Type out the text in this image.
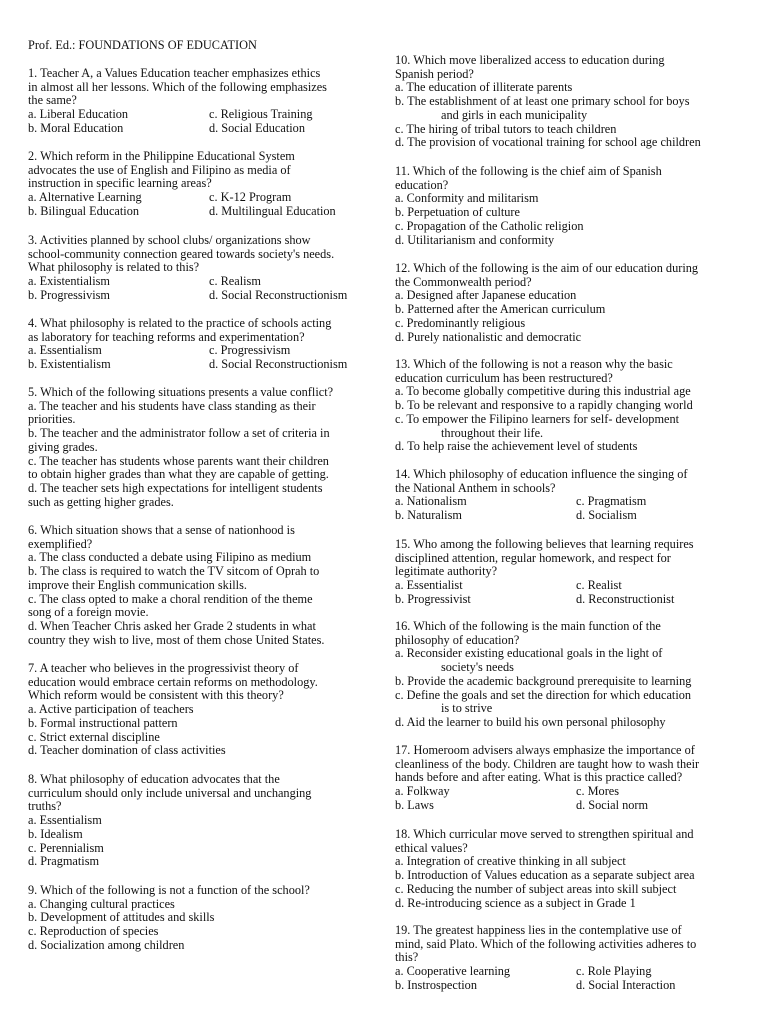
Prof. Ed.: FOUNDATIONS OF EDUCATION
1. Teacher A, a Values Education teacher emphasizes ethics
in almost all her lessons. Which of the following emphasizes
the same?
a. Liberal Education	c. Religious Training
b. Moral Education	d. Social Education
2. Which reform in the Philippine Educational System
advocates the use of English and Filipino as media of
instruction in specific learning areas?
a. Alternative Learning	c. K-12 Program
b. Bilingual Education	d. Multilingual Education
3. Activities planned by school clubs/ organizations show
school-community connection geared towards society's needs.
What philosophy is related to this?
a. Existentialism	c. Realism
b. Progressivism	d. Social Reconstructionism
4. What philosophy is related to the practice of schools acting
as laboratory for teaching reforms and experimentation?
a. Essentialism	c. Progressivism
b. Existentialism	d. Social Reconstructionism
5. Which of the following situations presents a value conflict?
a. The teacher and his students have class standing as their
priorities.
b. The teacher and the administrator follow a set of criteria in
giving grades.
c. The teacher has students whose parents want their children
to obtain higher grades than what they are capable of getting.
d. The teacher sets high expectations for intelligent students
such as getting higher grades.
6. Which situation shows that a sense of nationhood is
exemplified?
a. The class conducted a debate using Filipino as medium
b. The class is required to watch the TV sitcom of Oprah to
improve their English communication skills.
c. The class opted to make a choral rendition of the theme
song of a foreign movie.
d. When Teacher Chris asked her Grade 2 students in what
country they wish to live, most of them chose United States.
7. A teacher who believes in the progressivist theory of
education would embrace certain reforms on methodology.
Which reform would be consistent with this theory?
a. Active participation of teachers
b. Formal instructional pattern
c. Strict external discipline
d. Teacher domination of class activities
8. What philosophy of education advocates that the
curriculum should only include universal and unchanging
truths?
a. Essentialism
b. Idealism
c. Perennialism
d. Pragmatism
9. Which of the following is not a function of the school?
a. Changing cultural practices
b. Development of attitudes and skills
c. Reproduction of species
d. Socialization among children
10. Which move liberalized access to education during
Spanish period?
a. The education of illiterate parents
b. The establishment of at least one primary school for boys
and girls in each municipality
c. The hiring of tribal tutors to teach children
d. The provision of vocational training for school age children
11. Which of the following is the chief aim of Spanish
education?
a. Conformity and militarism
b. Perpetuation of culture
c. Propagation of the Catholic religion
d. Utilitarianism and conformity
12. Which of the following is the aim of our education during
the Commonwealth period?
a. Designed after Japanese education
b. Patterned after the American curriculum
c. Predominantly religious
d. Purely nationalistic and democratic
13. Which of the following is not a reason why the basic
education curriculum has been restructured?
a. To become globally competitive during this industrial age
b. To be relevant and responsive to a rapidly changing world
c. To empower the Filipino learners for self- development
throughout their life.
d. To help raise the achievement level of students
14. Which philosophy of education influence the singing of
the National Anthem in schools?
a. Nationalism	c. Pragmatism
b. Naturalism	d. Socialism
15. Who among the following believes that learning requires
disciplined attention, regular homework, and respect for
legitimate authority?
a. Essentialist	c. Realist
b. Progressivist	d. Reconstructionist
16. Which of the following is the main function of the
philosophy of education?
a. Reconsider existing educational goals in the light of
society's needs
b. Provide the academic background prerequisite to learning
c. Define the goals and set the direction for which education
is to strive
d. Aid the learner to build his own personal philosophy
17. Homeroom advisers always emphasize the importance of
cleanliness of the body. Children are taught how to wash their
hands before and after eating. What is this practice called?
a. Folkway	c. Mores
b. Laws	d. Social norm
18. Which curricular move served to strengthen spiritual and
ethical values?
a. Integration of creative thinking in all subject
b. Introduction of Values education as a separate subject area
c. Reducing the number of subject areas into skill subject
d. Re-introducing science as a subject in Grade 1
19. The greatest happiness lies in the contemplative use of
mind, said Plato. Which of the following activities adheres to
this?
a. Cooperative learning	c. Role Playing
b. Instrospection	d. Social Interaction
